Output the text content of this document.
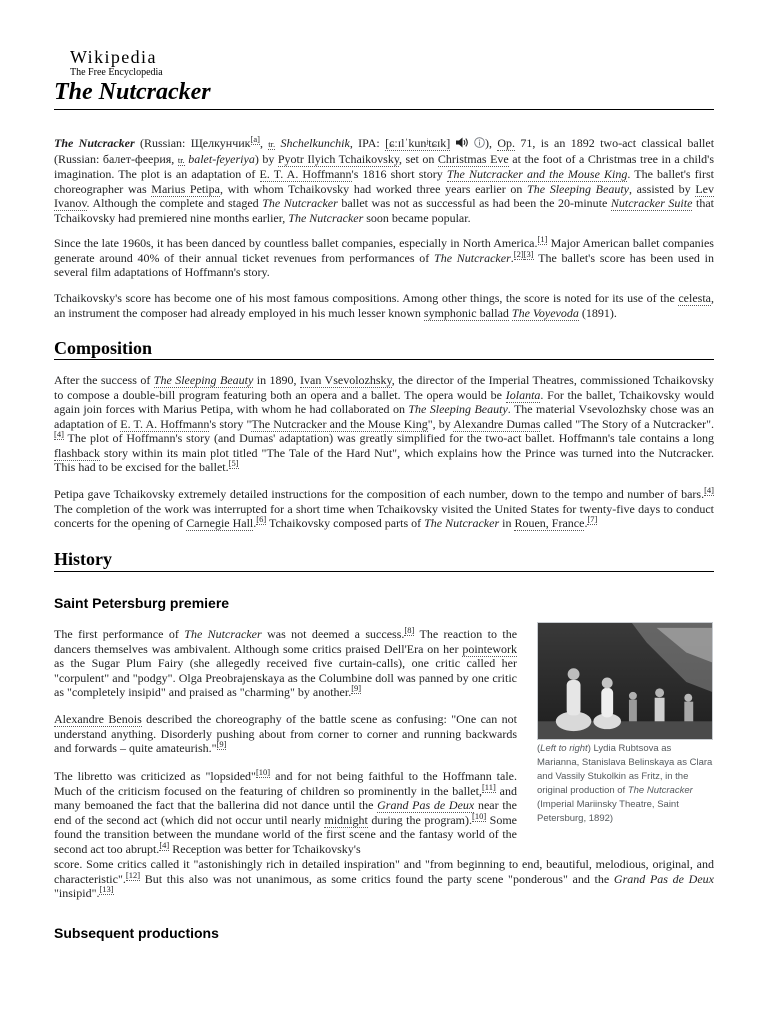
Wikipedia
The Free Encyclopedia
The Nutcracker

The Nutcracker (Russian: Щелкунчик[a], tr. Shchelkunchik, IPA: [ɕːɪlˈkunʲtɕɪk]	), Op. 71, is an 1892 two-act classical ballet (Russian: балет-феерия, tr. balet-feyeriya) by Pyotr Ilyich Tchaikovsky, set on Christmas Eve at the foot of a Christmas tree in a child's imagination. The plot is an adaptation of E. T. A. Hoffmann's 1816 short story The Nutcracker and the Mouse King. The ballet's first choreographer was Marius Petipa, with whom Tchaikovsky had worked three years earlier on The Sleeping Beauty, assisted by Lev Ivanov. Although the complete and staged The Nutcracker ballet was not as successful as had been the 20-minute Nutcracker Suite that Tchaikovsky had premiered nine months earlier, The Nutcracker soon became popular.

Since the late 1960s, it has been danced by countless ballet companies, especially in North America.[1] Major American ballet companies generate around 40% of their annual ticket revenues from performances of The Nutcracker.[2][3] The ballet's score has been used in several film adaptations of Hoffmann's story.

Tchaikovsky's score has become one of his most famous compositions. Among other things, the score is noted for its use of the celesta, an instrument the composer had already employed in his much lesser known symphonic ballad The Voyevoda (1891).

Composition

After the success of The Sleeping Beauty in 1890, Ivan Vsevolozhsky, the director of the Imperial Theatres, commissioned Tchaikovsky to compose a double-bill program featuring both an opera and a ballet. The opera would be Iolanta. For the ballet, Tchaikovsky would again join forces with Marius Petipa, with whom he had collaborated on The Sleeping Beauty. The material Vsevolozhsky chose was an adaptation of E. T. A. Hoffmann's story "The Nutcracker and the Mouse King", by Alexandre Dumas called "The Story of a Nutcracker".[4] The plot of Hoffmann's story (and Dumas' adaptation) was greatly simplified for the two-act ballet. Hoffmann's tale contains a long flashback story within its main plot titled "The Tale of the Hard Nut", which explains how the Prince was turned into the Nutcracker. This had to be excised for the ballet.[5]

Petipa gave Tchaikovsky extremely detailed instructions for the composition of each number, down to the tempo and number of bars.[4] The completion of the work was interrupted for a short time when Tchaikovsky visited the United States for twenty-five days to conduct concerts for the opening of Carnegie Hall.[6] Tchaikovsky composed parts of The Nutcracker in Rouen, France.[7]

History
Saint Petersburg premiere

The first performance of The Nutcracker was not deemed a success.[8] The reaction to the dancers themselves was ambivalent. Although some critics praised Dell'Era on her pointework as the Sugar Plum Fairy (she allegedly received five curtain-calls), one critic called her "corpulent" and "podgy". Olga Preobrajenskaya as the Columbine doll was panned by one critic as "completely insipid" and praised as "charming" by another.[9]

Alexandre Benois described the choreography of the battle scene as confusing: "One can not understand anything. Disorderly pushing about from corner to corner and running backwards and forwards – quite amateurish."[9]

The libretto was criticized as "lopsided"[10] and for not being faithful to the Hoffmann tale. Much of the criticism focused on the featuring of children so prominently in the ballet,[11] and many bemoaned the fact that the ballerina did not dance until the Grand Pas de Deux near the end of the second act (which did not occur until nearly midnight during the program).[10] Some found the transition between the mundane world of the first scene and the fantasy world of the second act too abrupt.[4] Reception was better for Tchaikovsky's

score. Some critics called it "astonishingly rich in detailed inspiration" and "from beginning to end, beautiful, melodious, original, and characteristic".[12] But this also was not unanimous, as some critics found the party scene "ponderous" and the Grand Pas de Deux "insipid".[13]

(Left to right) Lydia Rubtsova as Marianna, Stanislava Belinskaya as Clara and Vassily Stukolkin as Fritz, in the original production of The Nutcracker (Imperial Mariinsky Theatre, Saint Petersburg, 1892)
Subsequent productions
